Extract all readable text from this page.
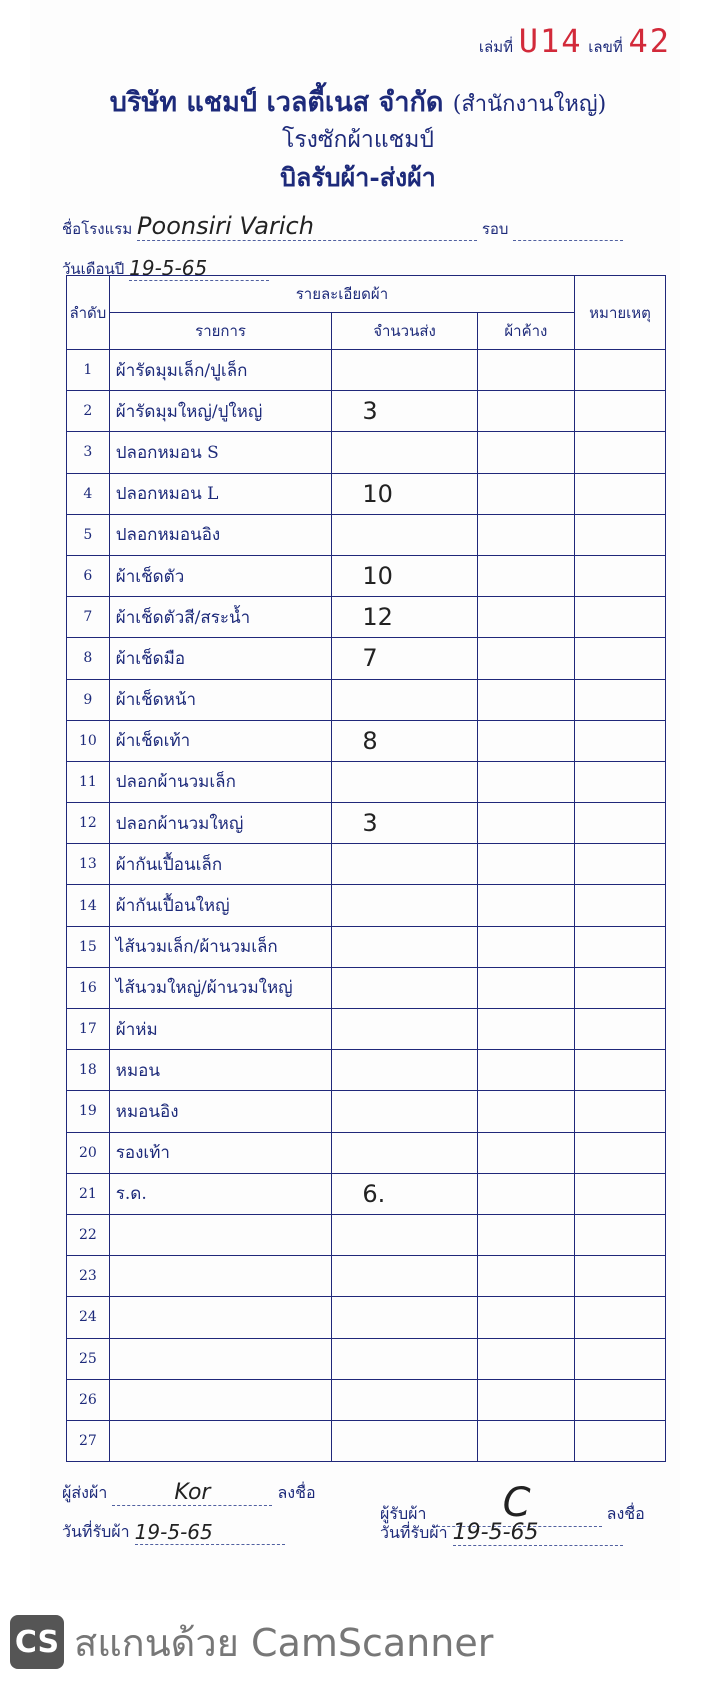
เล่มที่ U14 เลขที่ 42
บริษัท แชมป์ เวลตี้เนส จำกัด (สำนักงานใหญ่)
โรงซักผ้าแชมป์
บิลรับผ้า-ส่งผ้า
ชื่อโรงแรม Poonsiri Varich	รอบ
วันเดือนปี 19-5-65
ลำดับ	รายละเอียดผ้า			หมายเหตุ
	รายการ	จำนวนส่ง	ผ้าค้าง	
1	ผ้ารัดมุมเล็ก/ปูเล็ก			
2	ผ้ารัดมุมใหญ่/ปูใหญ่	3		
3	ปลอกหมอน S			
4	ปลอกหมอน L	10		
5	ปลอกหมอนอิง			
6	ผ้าเช็ดตัว	10		
7	ผ้าเช็ดตัวสี/สระน้ำ	12		
8	ผ้าเช็ดมือ	7		
9	ผ้าเช็ดหน้า			
10	ผ้าเช็ดเท้า	8		
11	ปลอกผ้านวมเล็ก			
12	ปลอกผ้านวมใหญ่	3		
13	ผ้ากันเปื้อนเล็ก			
14	ผ้ากันเปื้อนใหญ่			
15	ไส้นวมเล็ก/ผ้านวมเล็ก			
16	ไส้นวมใหญ่/ผ้านวมใหญ่			
17	ผ้าห่ม			
18	หมอน			
19	หมอนอิง			
20	รองเท้า			
21	ร.ด.	6.		
22				
23				
24				
25				
26				
27				
ผู้ส่งผ้า	Kor	ลงชื่อ
ผู้รับผ้า C	ลงชื่อ
วันที่รับผ้า 19-5-65	วันที่รับผ้า 19-5-65
CS สแกนด้วย CamScanner
